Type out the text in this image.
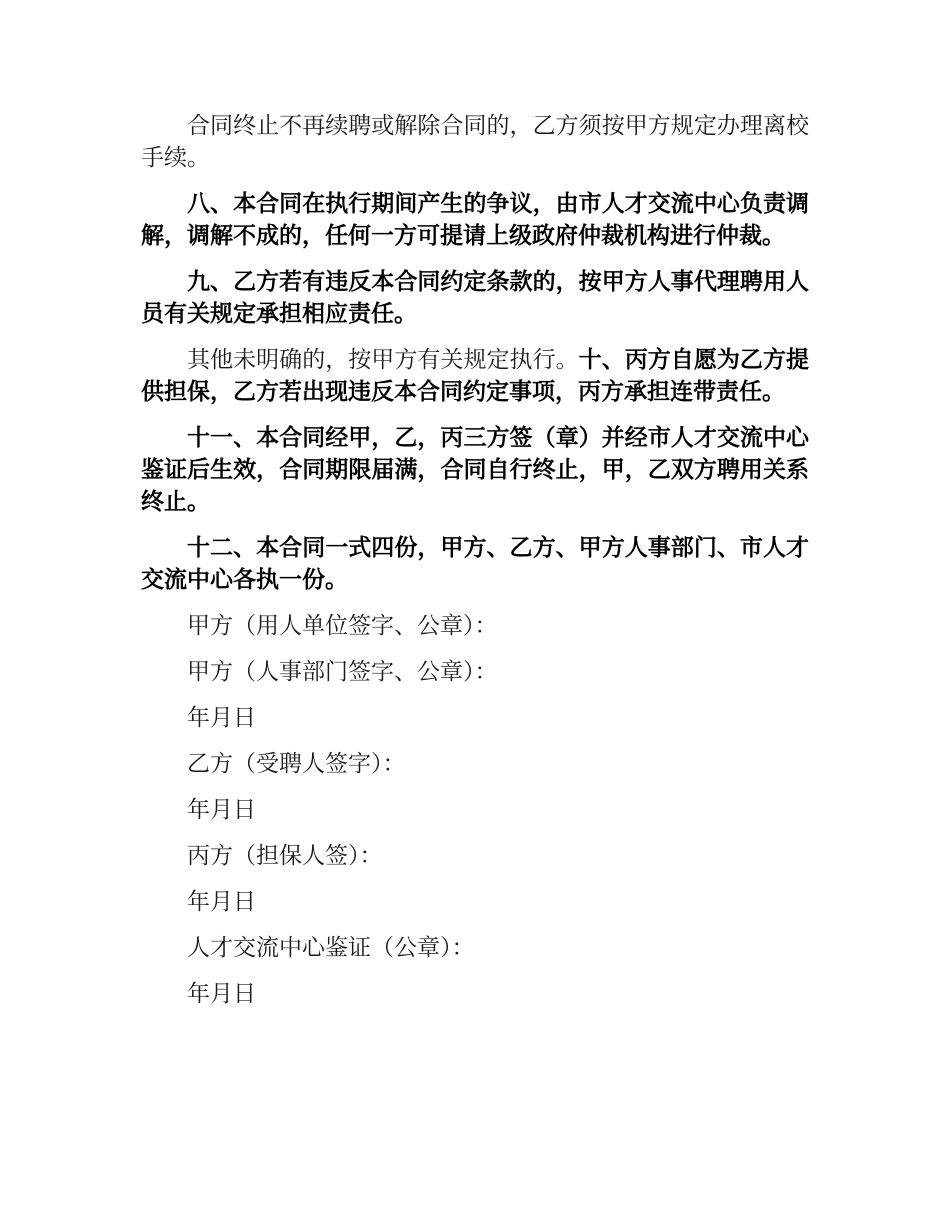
合同终止不再续聘或解除合同的，乙方须按甲方规定办理离校手续。

八、本合同在执行期间产生的争议，由市人才交流中心负责调解，调解不成的，任何一方可提请上级政府仲裁机构进行仲裁。

九、乙方若有违反本合同约定条款的，按甲方人事代理聘用人员有关规定承担相应责任。

其他未明确的，按甲方有关规定执行。十、丙方自愿为乙方提供担保，乙方若出现违反本合同约定事项，丙方承担连带责任。

十一、本合同经甲，乙，丙三方签（章）并经市人才交流中心鉴证后生效，合同期限届满，合同自行终止，甲，乙双方聘用关系终止。

十二、本合同一式四份，甲方、乙方、甲方人事部门、市人才交流中心各执一份。

甲方（用人单位签字、公章）：

甲方（人事部门签字、公章）：

年月日

乙方（受聘人签字）：

年月日

丙方（担保人签）：

年月日

人才交流中心鉴证（公章）：

年月日
